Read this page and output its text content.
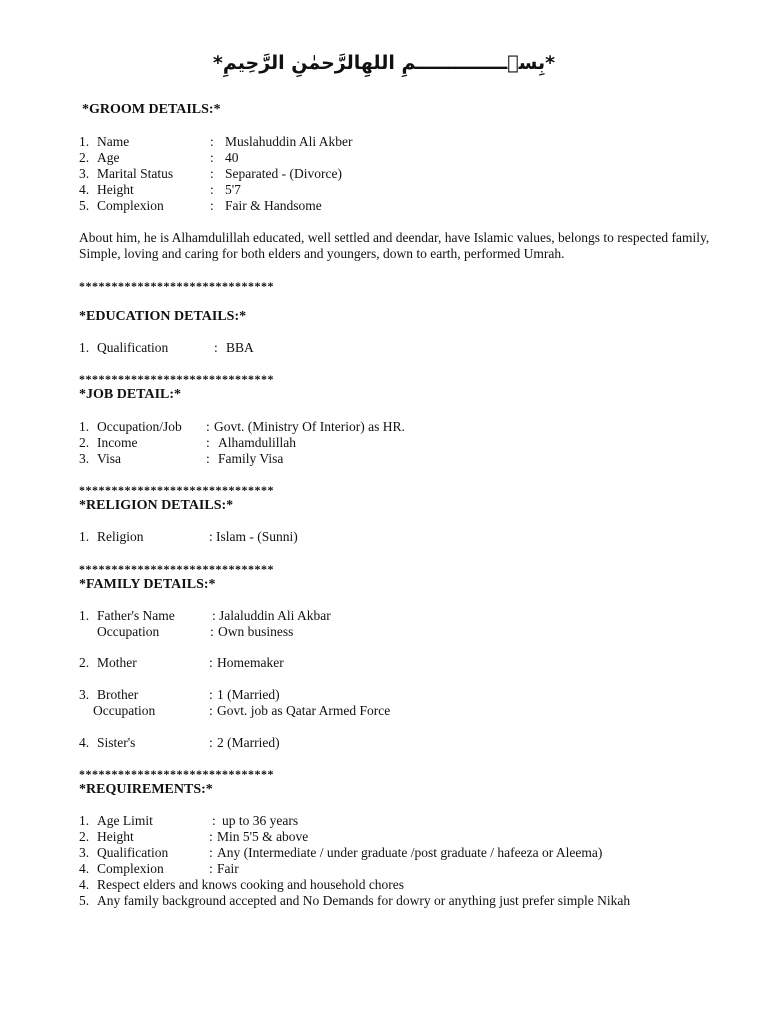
*بِسۡــــــــــــــمِ اللهِالرَّحمٰنِ الرَّحِيمِ*
*GROOM DETAILS:*
1. Name	: Muslahuddin Ali Akber
2. Age	: 40
3. Marital Status	: Separated - (Divorce)
4. Height	: 5'7
5. Complexion	: Fair & Handsome
About him, he is Alhamdulillah educated, well settled and deendar, have Islamic values, belongs to respected family, Simple, loving and caring for both elders and youngers, down to earth, performed Umrah.
******************************
*EDUCATION DETAILS:*
1. Qualification	: BBA
******************************
*JOB DETAIL:*
1. Occupation/Job : Govt. (Ministry Of Interior) as HR.
2. Income	: Alhamdulillah
3. Visa	: Family Visa
******************************
*RELIGION DETAILS:*
1. Religion	: Islam - (Sunni)
******************************
*FAMILY DETAILS:*
1. Father's Name	: Jalaluddin Ali Akbar
Occupation	: Own business
2. Mother	: Homemaker
3. Brother	: 1 (Married)
Occupation	: Govt. job as Qatar Armed Force
4. Sister's	: 2 (Married)
******************************
*REQUIREMENTS:*
1. Age Limit	: up to 36 years
2. Height	: Min 5'5 & above
3. Qualification	: Any (Intermediate / under graduate /post graduate / hafeeza or Aleema)
4. Complexion	: Fair
4. Respect elders and knows cooking and household chores
5. Any family background accepted and No Demands for dowry or anything just prefer simple Nikah
